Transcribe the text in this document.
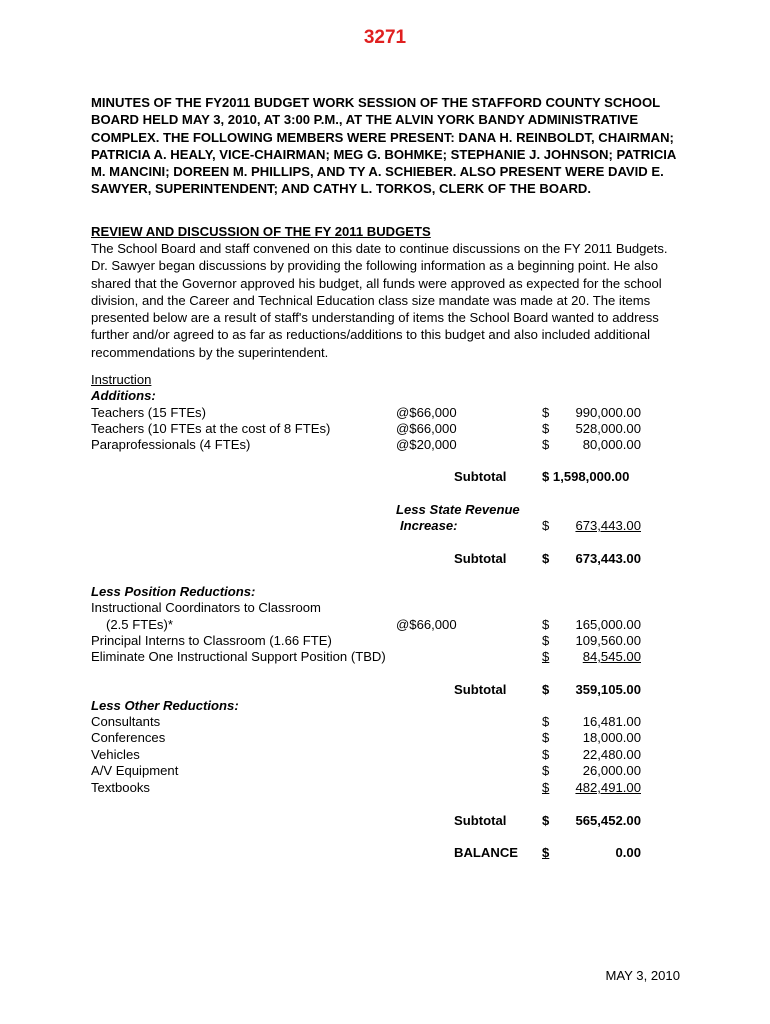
3271
MINUTES OF THE FY2011 BUDGET WORK SESSION OF THE STAFFORD COUNTY SCHOOL BOARD HELD MAY 3, 2010, AT 3:00 P.M., AT THE ALVIN YORK BANDY ADMINISTRATIVE COMPLEX. THE FOLLOWING MEMBERS WERE PRESENT: DANA H. REINBOLDT, CHAIRMAN; PATRICIA A. HEALY, VICE-CHAIRMAN; MEG G. BOHMKE; STEPHANIE J. JOHNSON; PATRICIA M. MANCINI; DOREEN M. PHILLIPS, AND TY A. SCHIEBER. ALSO PRESENT WERE DAVID E. SAWYER, SUPERINTENDENT; AND CATHY L. TORKOS, CLERK OF THE BOARD.
REVIEW AND DISCUSSION OF THE FY 2011 BUDGETS
The School Board and staff convened on this date to continue discussions on the FY 2011 Budgets. Dr. Sawyer began discussions by providing the following information as a beginning point. He also shared that the Governor approved his budget, all funds were approved as expected for the school division, and the Career and Technical Education class size mandate was made at 20. The items presented below are a result of staff's understanding of items the School Board wanted to address further and/or agreed to as far as reductions/additions to this budget and also included additional recommendations by the superintendent.
Instruction
Additions:
Teachers (15 FTEs)	@$66,000	$ 990,000.00
Teachers (10 FTEs at the cost of 8 FTEs)	@$66,000	$ 528,000.00
Paraprofessionals (4 FTEs)	@$20,000	$	80,000.00
Subtotal	$ 1,598,000.00
Less State Revenue
Increase:	$ 673,443.00
Subtotal	$ 673,443.00
Less Position Reductions:
Instructional Coordinators to Classroom
(2.5 FTEs)*	@$66,000	$ 165,000.00
Principal Interns to Classroom (1.66 FTE)	$ 109,560.00
Eliminate One Instructional Support Position (TBD)	$	84,545.00
Subtotal	$ 359,105.00
Less Other Reductions:
Consultants	$	16,481.00
Conferences	$	18,000.00
Vehicles	$	22,480.00
A/V Equipment	$	26,000.00
Textbooks	$ 482,491.00
Subtotal	$ 565,452.00
BALANCE $	0.00
MAY 3, 2010
